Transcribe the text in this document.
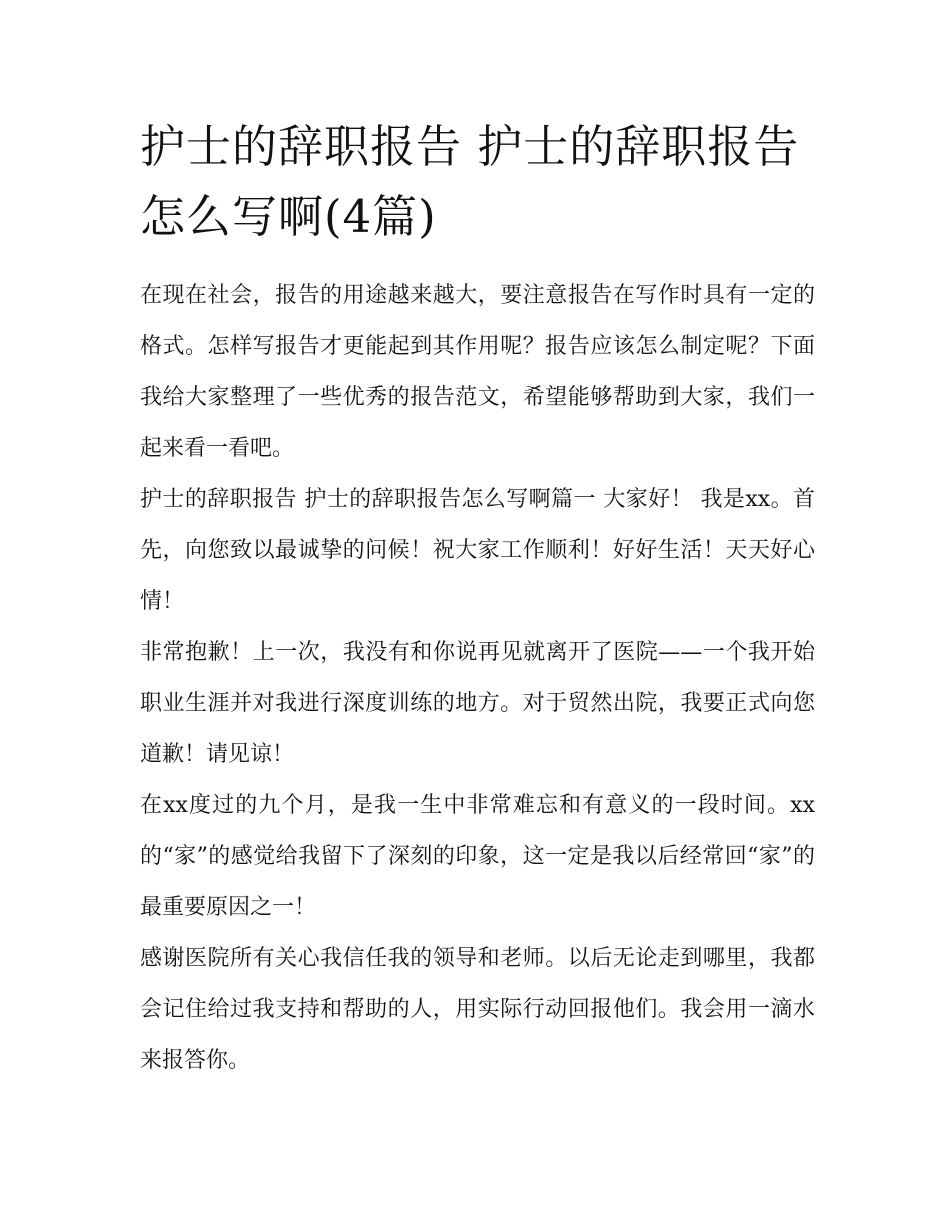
护士的辞职报告 护士的辞职报告怎么写啊(4篇)

在现在社会，报告的用途越来越大，要注意报告在写作时具有一定的格式。怎样写报告才更能起到其作用呢？报告应该怎么制定呢？下面我给大家整理了一些优秀的报告范文，希望能够帮助到大家，我们一起来看一看吧。

护士的辞职报告 护士的辞职报告怎么写啊篇一 大家好！ 我是xx。首先，向您致以最诚挚的问候！祝大家工作顺利！好好生活！天天好心情！

非常抱歉！上一次，我没有和你说再见就离开了医院——一个我开始职业生涯并对我进行深度训练的地方。对于贸然出院，我要正式向您道歉！请见谅！

在xx度过的九个月，是我一生中非常难忘和有意义的一段时间。xx的“家”的感觉给我留下了深刻的印象，这一定是我以后经常回“家”的最重要原因之一！

感谢医院所有关心我信任我的领导和老师。以后无论走到哪里，我都会记住给过我支持和帮助的人，用实际行动回报他们。我会用一滴水来报答你。
